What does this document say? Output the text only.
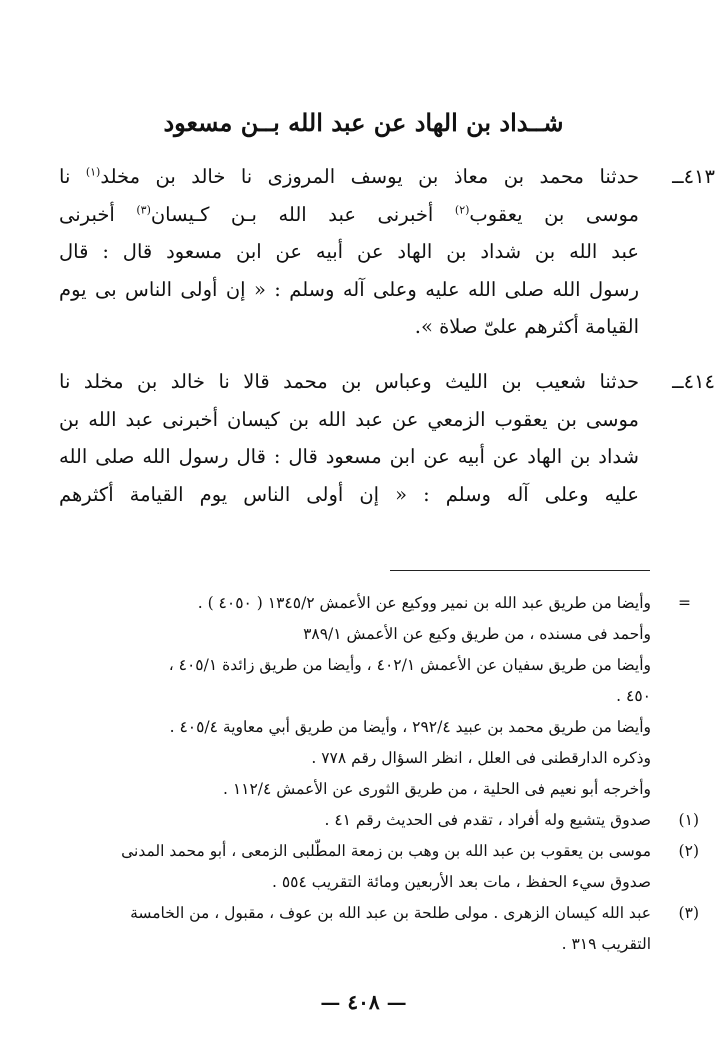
شــداد بن الهاد عن عبد الله بــن مسعود
٤١٣ــ
حدثنا محمد بن معاذ بن يوسف المروزى نا خالد بن مخلد$^{(١)}$ نا
موسى بن يعقوب$^{(٢)}$ أخبرنى عبد الله بـن كـيسان$^{(٣)}$ أخبرنى
عبد الله بن شداد بن الهاد عن أبيه عن ابن مسعود قال : قال
رسول الله صلى الله عليه وعلى آله وسلم : « إن أولى الناس بى يوم
القيامة أكثرهم علىّ صلاة ».
٤١٤ــ
حدثنا شعيب بن الليث وعباس بن محمد قالا نا خالد بن مخلد نا
موسى بن يعقوب الزمعي عن عبد الله بن كيسان أخبرنى عبد الله بن
شداد بن الهاد عن أبيه عن ابن مسعود قال : قال رسول الله صلى الله
عليه وعلى آله وسلم : « إن أولى الناس يوم القيامة أكثرهم
=
وأيضا من طريق عبد الله بن نمير ووكيع عن الأعمش ١٣٤٥/٢ ( ٤٠٥٠ ) .
وأحمد فى مسنده ، من طريق وكيع عن الأعمش ٣٨٩/١
وأيضا من طريق سفيان عن الأعمش ٤٠٢/١ ، وأيضا من طريق زائدة ٤٠٥/١ ،
٤٥٠ .
وأيضا من طريق محمد بن عبيد ٢٩٢/٤ ، وأيضا من طريق أبي معاوية ٤٠٥/٤ .
وذكره الدارقطنى فى العلل ، انظر السؤال رقم ٧٧٨ .
وأخرجه أبو نعيم فى الحلية ، من طريق الثورى عن الأعمش ١١٢/٤ .
(١)
صدوق يتشيع وله أفراد ، تقدم فى الحديث رقم ٤١ .
(٢)
موسى بن يعقوب بن عبد الله بن وهب بن زمعة المطّلبى الزمعى ، أبو محمد المدنى
صدوق سيء الحفظ ، مات بعد الأربعين ومائة التقريب ٥٥٤ .
(٣)
عبد الله كيسان الزهرى . مولى طلحة بن عبد الله بن عوف ، مقبول ، من الخامسة
التقريب ٣١٩ .
— ٤٠٨ —
